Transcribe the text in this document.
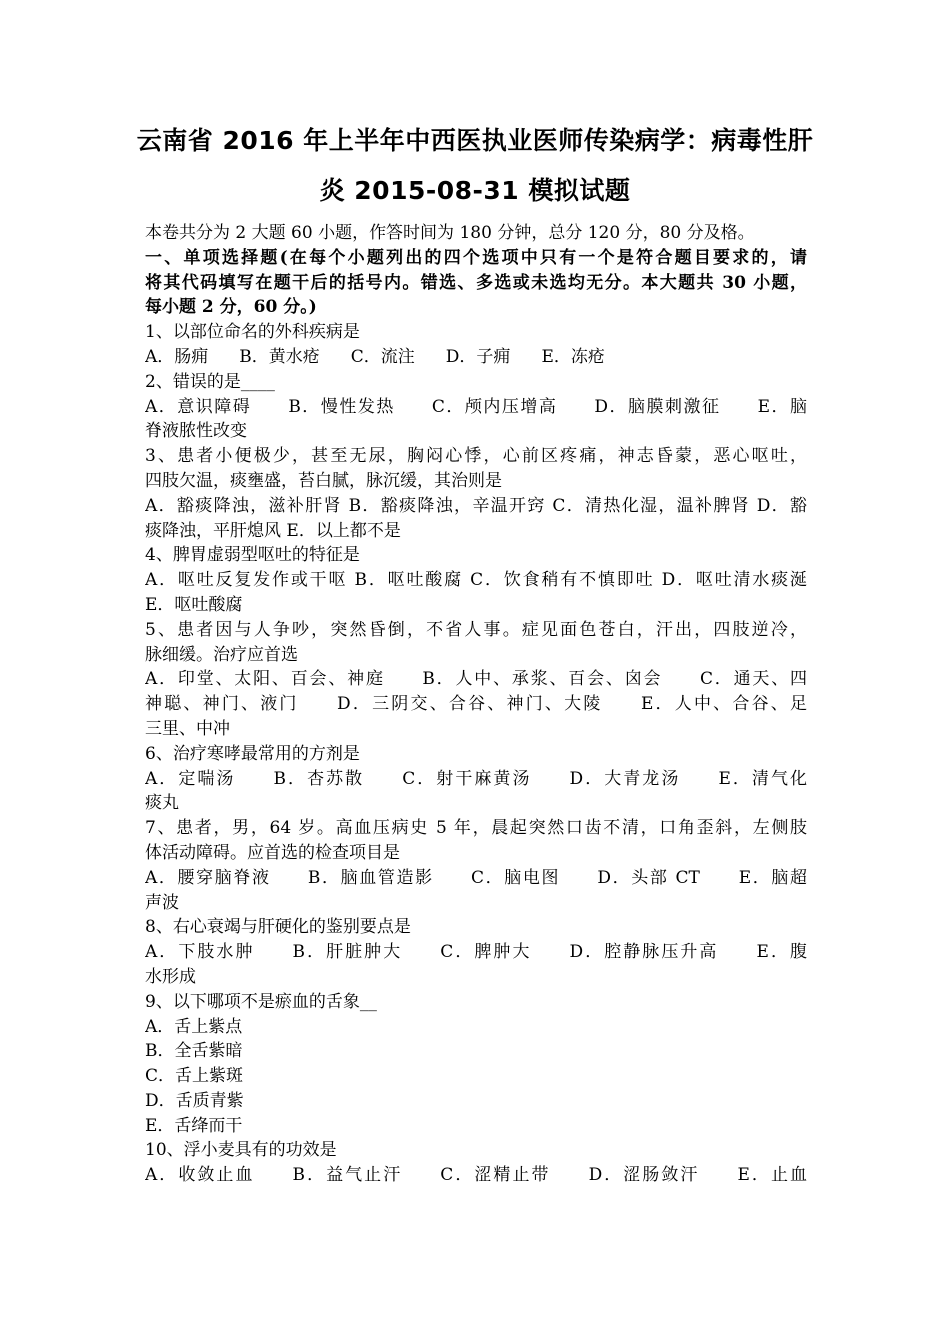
云南省 2016 年上半年中西医执业医师传染病学：病毒性肝
炎 2015-08-31 模拟试题
本卷共分为 2 大题 60 小题，作答时间为 180 分钟，总分 120 分，80 分及格。
一、单项选择题(在每个小题列出的四个选项中只有一个是符合题目要求的，请
将其代码填写在题干后的括号内。错选、多选或未选均无分。本大题共 30 小题，
每小题 2 分，60 分。)
1、以部位命名的外科疾病是
A．肠痈 B．黄水疮 C．流注 D．子痈 E．冻疮
2、错误的是____
A．意识障碍　　B．慢性发热　　C．颅内压增高　　D．脑膜刺激征　　E．脑
脊液脓性改变
3、患者小便极少，甚至无尿，胸闷心悸，心前区疼痛，神志昏蒙，恶心呕吐，
四肢欠温，痰壅盛，苔白腻，脉沉缓，其治则是
A．豁痰降浊，滋补肝肾 B．豁痰降浊，辛温开窍 C．清热化湿，温补脾肾 D．豁
痰降浊，平肝熄风 E．以上都不是
4、脾胃虚弱型呕吐的特征是
A．呕吐反复发作或干呕 B．呕吐酸腐 C．饮食稍有不慎即吐 D．呕吐清水痰涎
E．呕吐酸腐
5、患者因与人争吵，突然昏倒，不省人事。症见面色苍白，汗出，四肢逆冷，
脉细缓。治疗应首选
A．印堂、太阳、百会、神庭　　B．人中、承浆、百会、囟会　　C．通天、四
神聪、神门、液门　　D．三阴交、合谷、神门、大陵　　E．人中、合谷、足
三里、中冲
6、治疗寒哮最常用的方剂是
A．定喘汤　　B．杏苏散　　C．射干麻黄汤　　D．大青龙汤　　E．清气化
痰丸
7、患者，男，64 岁。高血压病史 5 年，晨起突然口齿不清，口角歪斜，左侧肢
体活动障碍。应首选的检查项目是
A．腰穿脑脊液　　B．脑血管造影　　C．脑电图　　D．头部 CT　　E．脑超
声波
8、右心衰竭与肝硬化的鉴别要点是
A．下肢水肿　　B．肝脏肿大　　C．脾肿大　　D．腔静脉压升高　　E．腹
水形成
9、以下哪项不是瘀血的舌象__
A．舌上紫点
B．全舌紫暗
C．舌上紫斑
D．舌质青紫
E．舌绛而干
10、浮小麦具有的功效是
A．收敛止血　　B．益气止汗　　C．涩精止带　　D．涩肠敛汗　　E．止血
